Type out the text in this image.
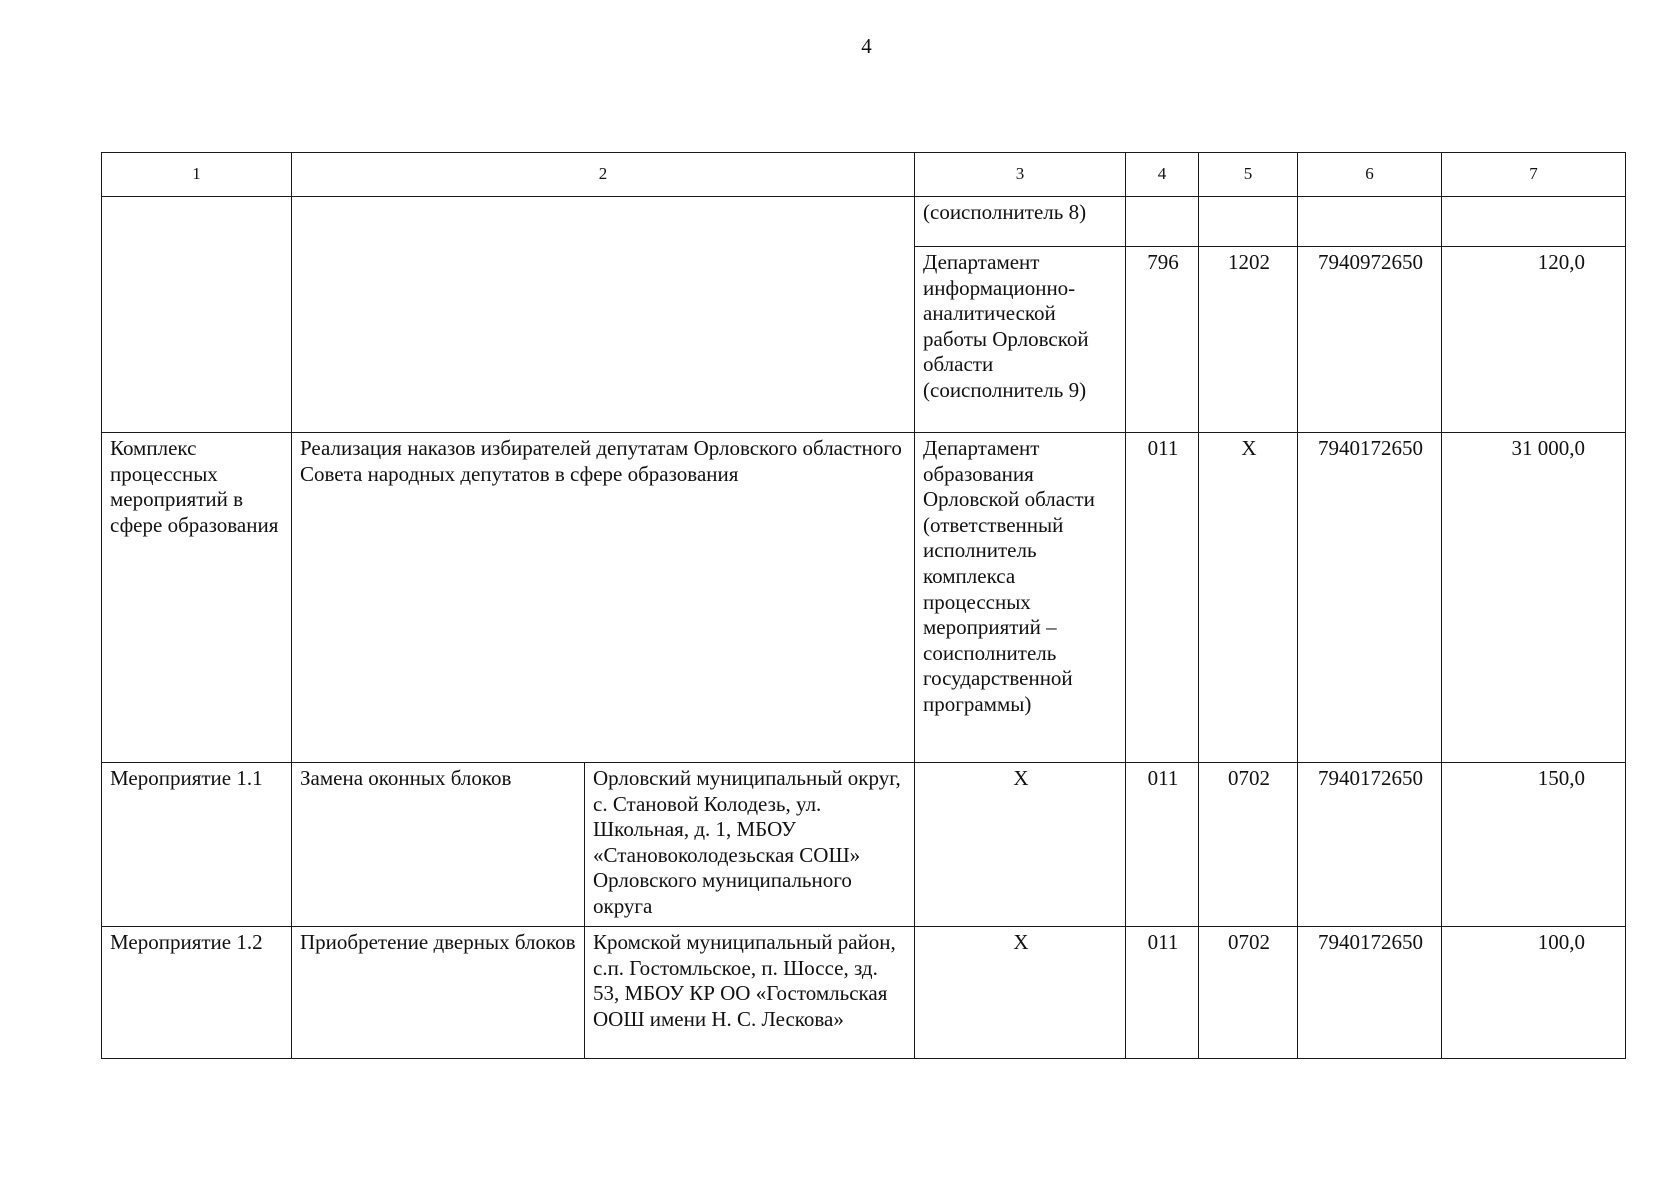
4
1	2		3	4	5	6	7
			(соисполнитель 8)				
			Департамент информационно-аналитической работы Орловской области (соисполнитель 9)	796	1202	7940972650	120,0
Комплекс процессных мероприятий в сфере образования	Реализация наказов избирателей депутатам Орловского областного Совета народных депутатов в сфере образования		Департамент образования Орловской области (ответственный исполнитель комплекса процессных мероприятий – соисполнитель государственной программы)	011	X	7940172650	31 000,0
Мероприятие 1.1	Замена оконных блоков	Орловский муниципальный округ, с. Становой Колодезь, ул. Школьная, д. 1, МБОУ «Становоколодезьская СОШ» Орловского муниципального округа	X	011	0702	7940172650	150,0
Мероприятие 1.2	Приобретение дверных блоков	Кромской муниципальный район, с.п. Гостомльское, п. Шоссе, зд. 53, МБОУ КР ОО «Гостомльская ООШ имени Н. С. Лескова»	X	011	0702	7940172650	100,0
